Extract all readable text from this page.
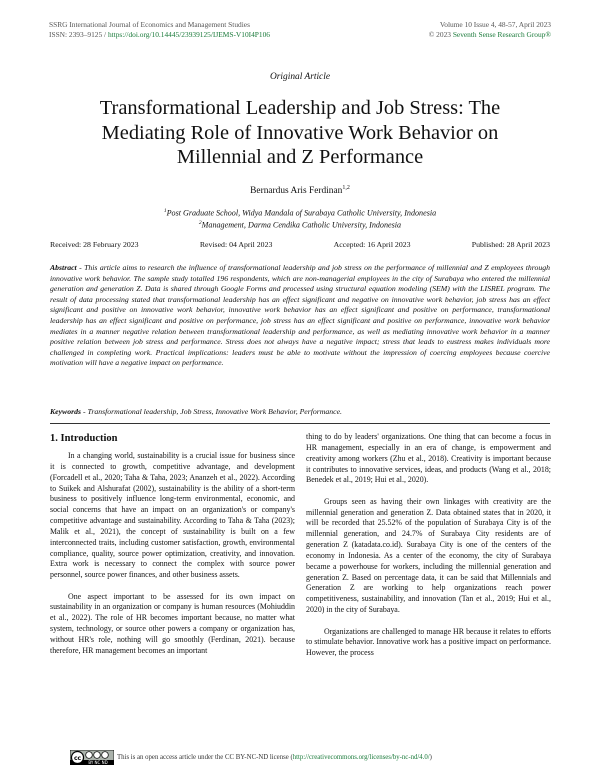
SSRG International Journal of Economics and Management Studies
ISSN: 2393–9125 / https://doi.org/10.14445/23939125/IJEMS-V10I4P106
Volume 10 Issue 4, 48-57, April 2023
© 2023 Seventh Sense Research Group®
Original Article
Transformational Leadership and Job Stress: The Mediating Role of Innovative Work Behavior on Millennial and Z Performance
Bernardus Aris Ferdinan$^{1,2}$
$^1$Post Graduate School, Widya Mandala of Surabaya Catholic University, Indonesia
$^2$Management, Darma Cendika Catholic University, Indonesia
Received: 28 February 2023	Revised: 04 April 2023	Accepted: 16 April 2023	Published: 28 April 2023

Abstract - This article aims to research the influence of transformational leadership and job stress on the performance of millennial and Z employees through innovative work behavior. The sample study totalled 196 respondents, which are non-managerial employees in the city of Surabaya who entered the millennial generation and generation Z. Data is shared through Google Forms and processed using structural equation modeling (SEM) with the LISREL program. The result of data processing stated that transformational leadership has an effect significant and negative on innovative work behavior, job stress has an effect significant and positive on innovative work behavior, innovative work behavior has an effect significant and positive on performance, transformational leadership has an effect significant and positive on performance, job stress has an effect significant and positive on performance, innovative work behavior mediates in a manner negative relation between transformational leadership and performance, as well as mediating innovative work behavior in a manner positive relation between job stress and performance. Stress does not always have a negative impact; stress that leads to eustress makes individuals more challenged in completing work. Practical implications: leaders must be able to motivate without the impression of coercing employees because coercive motivation will have a negative impact on performance.

Keywords - Transformational leadership, Job Stress, Innovative Work Behavior, Performance.

1. Introduction

In a changing world, sustainability is a crucial issue for business since it is connected to growth, competitive advantage, and development (Forcadell et al., 2020; Taha & Taha, 2023; Ananzeh et al., 2022). According to Suikek and Alshurafat (2002), sustainability is the ability of a short-term business to positively influence long-term environmental, economic, and social concerns that have an impact on an organization's or company's competitive advantage and sustainability. According to Taha & Taha (2023); Malik et al., 2021), the concept of sustainability is built on a few interconnected traits, including customer satisfaction, growth, environmental compliance, quality, source power optimization, creativity, and innovation. Extra work is necessary to connect the complex with source power personnel, source power finances, and other business assets.

One aspect important to be assessed for its own impact on sustainability in an organization or company is human resources (Mohiuddin et al., 2022). The role of HR becomes important because, no matter what system, technology, or source other powers a company or organization has, without HR's role, nothing will go smoothly (Ferdinan, 2021). because therefore, HR management becomes an important

thing to do by leaders' organizations. One thing that can become a focus in HR management, especially in an era of change, is empowerment and creativity among workers (Zhu et al., 2018). Creativity is important because it contributes to innovative services, ideas, and products (Wang et al., 2018; Benedek et al., 2019; Hui et al., 2020).

Groups seen as having their own linkages with creativity are the millennial generation and generation Z. Data obtained states that in 2020, it will be recorded that 25.52% of the population of Surabaya City is of the millennial generation, and 24.7% of Surabaya City residents are of generation Z (katadata.co.id). Surabaya City is one of the centers of the economy in Indonesia. As a center of the economy, the city of Surabaya became a powerhouse for workers, including the millennial generation and generation Z. Based on percentage data, it can be said that Millennials and Generation Z are working to help organizations reach power competitiveness, sustainability, and innovation (Tan et al., 2019; Hui et al., 2020) in the city of Surabaya.

Organizations are challenged to manage HR because it relates to efforts to stimulate behavior. Innovative work has a positive impact on performance. However, the process

cc
BY NC ND
This is an open access article under the CC BY-NC-ND license ( http://creativecommons.org/licenses/by-nc-nd/4.0/ )
